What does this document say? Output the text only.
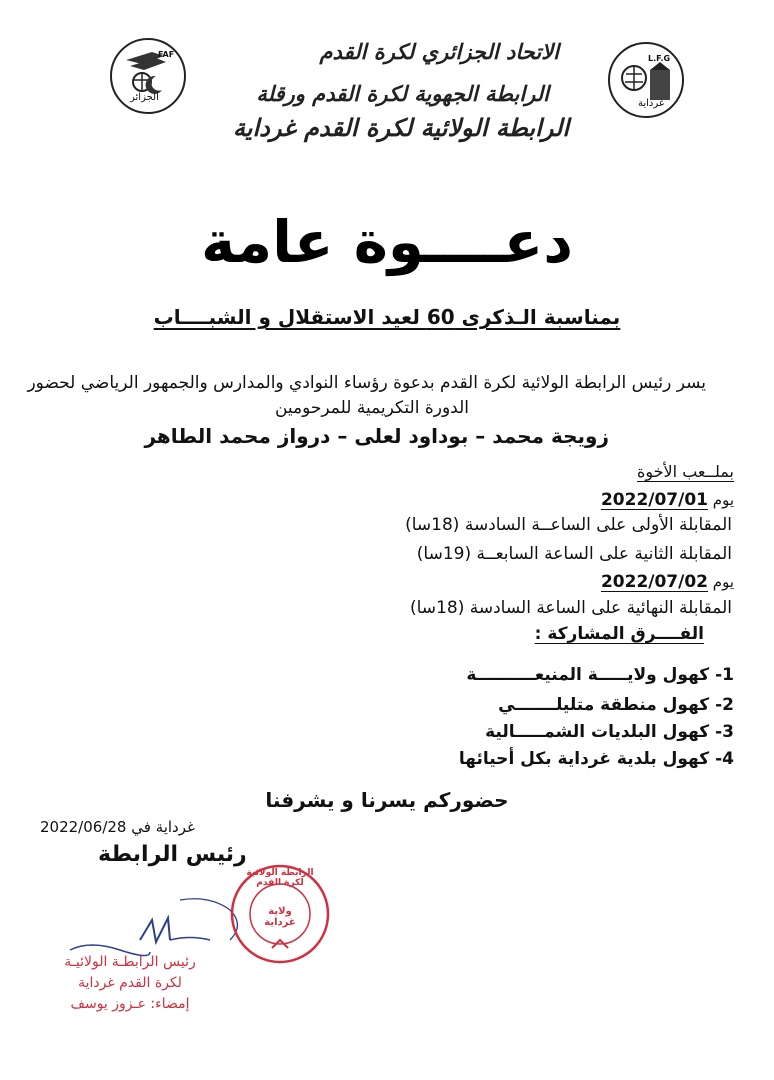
FAF
الجزائر
L.F.G
غرداية
الاتحاد الجزائري لكرة القدم
الرابطة الجهوية لكرة القدم ورقلة
الرابطة الولائية لكرة القدم غرداية
دعــــوة عامة
بمناسبة الـذكرى 60 لعيد الاستقلال و الشبــــاب
يسر رئيس الرابطة الولائية لكرة القدم بدعوة رؤساء النوادي والمدارس والجمهور الرياضي لحضور
الدورة التكريمية للمرحومين
زويجة محمد – بوداود لعلى – درواز محمد الطاهر
بملــعب الأخوة
يوم 2022/07/01
المقابلة الأولى على الساعــة السادسة (18سا)
المقابلة الثانية على الساعة السابعــة (19سا)
يوم 2022/07/02
المقابلة النهائية على الساعة السادسة (18سا)
الفــــرق المشاركة :
1- كهول ولايـــــة المنيعــــــــــة
2- كهول منطقة متليلـــــــي
3- كهول البلديات الشمـــــالية
4- كهول بلدية غرداية بكل أحيائها
حضوركم يسرنا و يشرفنا
غرداية في 2022/06/28
رئيس الرابطة
الرابطة الولائية لكرة القدم
ولاية غرداية
رئيس الرابطـة الولائيـة
لكرة القدم غرداية
إمضاء: عـزوز يوسف
